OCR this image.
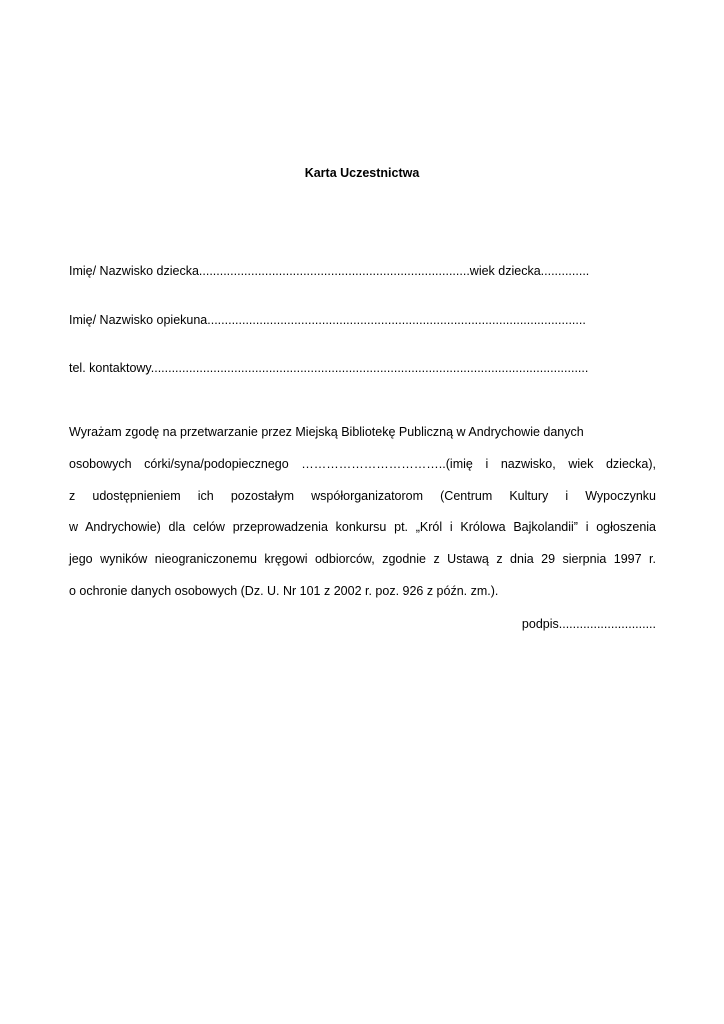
Karta Uczestnictwa
Imię/ Nazwisko dziecka..............................................................................wiek dziecka..............
Imię/ Nazwisko opiekuna.............................................................................................................
tel. kontaktowy..............................................................................................................................
Wyrażam zgodę na przetwarzanie przez Miejską Bibliotekę Publiczną w Andrychowie danych
osobowych córki/syna/podopiecznego ……………………………..(imię i nazwisko, wiek dziecka),
z udostępnieniem ich pozostałym współorganizatorom (Centrum Kultury i Wypoczynku
w Andrychowie) dla celów przeprowadzenia konkursu pt. „Król i Królowa Bajkolandii” i ogłoszenia
jego wyników nieograniczonemu kręgowi odbiorców, zgodnie z Ustawą z dnia 29 sierpnia 1997 r.
o ochronie danych osobowych (Dz. U. Nr 101 z 2002 r. poz. 926 z późn. zm.).
podpis............................
